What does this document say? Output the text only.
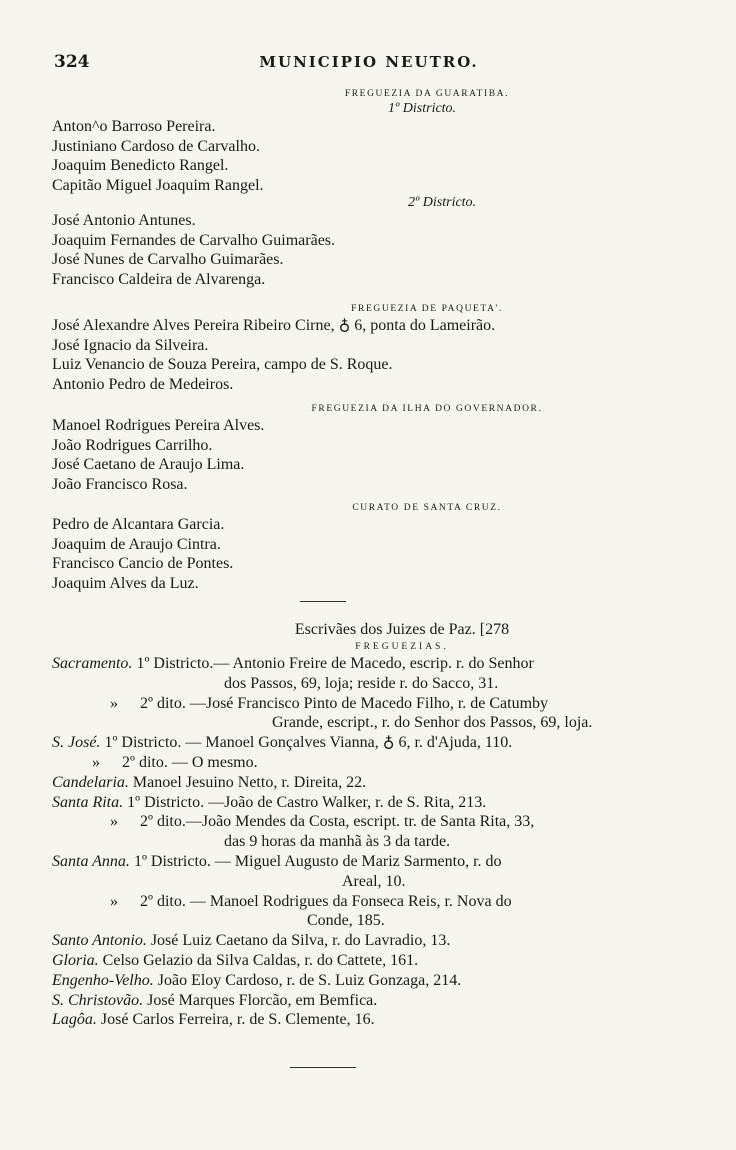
324	MUNICIPIO NEUTRO.
FREGUEZIA DA GUARATIBA.
1º Districto.
Anton^o Barroso Pereira.
Justiniano Cardoso de Carvalho.
Joaquim Benedicto Rangel.
Capitão Miguel Joaquim Rangel.
2º Districto.
José Antonio Antunes.
Joaquim Fernandes de Carvalho Guimarães.
José Nunes de Carvalho Guimarães.
Francisco Caldeira de Alvarenga.
FREGUEZIA DE PAQUETA'.
José Alexandre Alves Pereira Ribeiro Cirne, ♁ 6, ponta do Lameirão.
José Ignacio da Silveira.
Luiz Venancio de Souza Pereira, campo de S. Roque.
Antonio Pedro de Medeiros.
FREGUEZIA DA ILHA DO GOVERNADOR.
Manoel Rodrigues Pereira Alves.
João Rodrigues Carrilho.
José Caetano de Araujo Lima.
João Francisco Rosa.
CURATO DE SANTA CRUZ.
Pedro de Alcantara Garcia.
Joaquim de Araujo Cintra.
Francisco Cancio de Pontes.
Joaquim Alves da Luz.
Escrivães dos Juizes de Paz. [278
FREGUEZIAS.
Sacramento. 1º Districto.— Antonio Freire de Macedo, escrip. r. do Senhor
dos Passos, 69, loja; reside r. do Sacco, 31.
» 2º dito. —José Francisco Pinto de Macedo Filho, r. de Catumby
Grande, escript., r. do Senhor dos Passos, 69, loja.
S. José. 1º Districto. — Manoel Gonçalves Vianna, ♁ 6, r. d'Ajuda, 110.
» 2º dito. — O mesmo.
Candelaria. Manoel Jesuino Netto, r. Direita, 22.
Santa Rita. 1º Districto. —João de Castro Walker, r. de S. Rita, 213.
» 2º dito.—João Mendes da Costa, escript. tr. de Santa Rita, 33,
das 9 horas da manhã às 3 da tarde.
Santa Anna. 1º Districto. — Miguel Augusto de Mariz Sarmento, r. do
Areal, 10.
» 2º dito. — Manoel Rodrigues da Fonseca Reis, r. Nova do
Conde, 185.
Santo Antonio. José Luiz Caetano da Silva, r. do Lavradio, 13.
Gloria. Celso Gelazio da Silva Caldas, r. do Cattete, 161.
Engenho-Velho. João Eloy Cardoso, r. de S. Luiz Gonzaga, 214.
S. Christovão. José Marques Florcão, em Bemfica.
Lagôa. José Carlos Ferreira, r. de S. Clemente, 16.
